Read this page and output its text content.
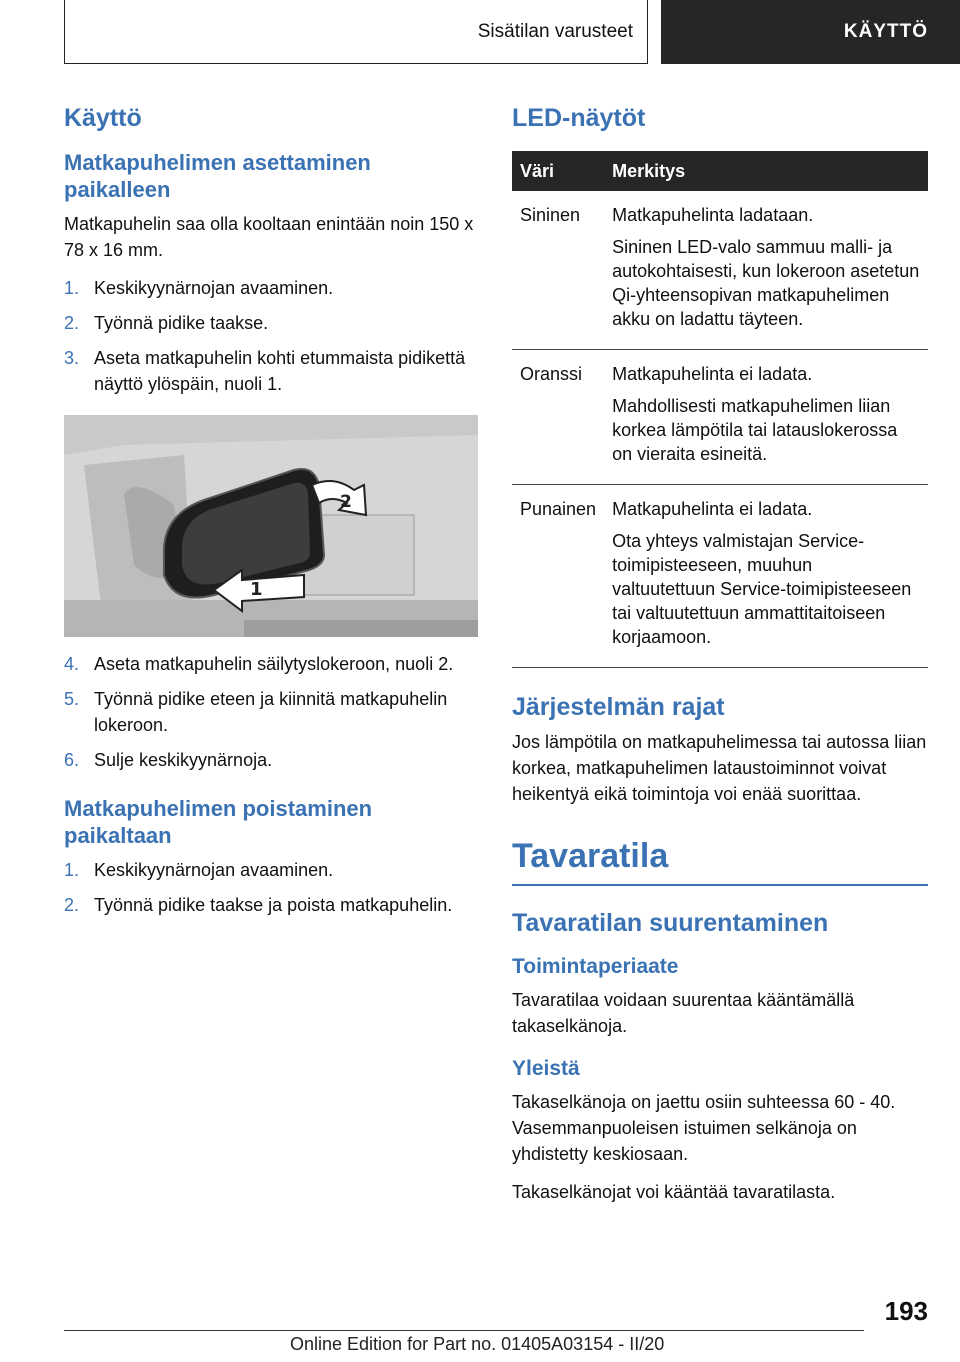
Sisätilan varusteet	KÄYTTÖ
Käyttö
Matkapuhelimen asettaminen paikalleen

Matkapuhelin saa olla kooltaan enintään noin 150 x 78 x 16 mm.

1. Keskikyynärnojan avaaminen.
2. Työnnä pidike taakse.
3. Aseta matkapuhelin kohti etummaista pidikettä näyttö ylöspäin, nuoli 1.
1
2
4. Aseta matkapuhelin säilytyslokeroon, nuoli 2.
5. Työnnä pidike eteen ja kiinnitä matkapuhelin lokeroon.
6. Sulje keskikyynärnoja.
Matkapuhelimen poistaminen paikaltaan
1. Keskikyynärnojan avaaminen.
2. Työnnä pidike taakse ja poista matkapuhelin.
LED-näytöt
Väri	Merkitys
Sininen	Matkapuhelinta ladataan.

Sininen LED-valo sammuu malli- ja autokohtaisesti, kun lokeroon asetetun Qi-yhteensopivan matkapuhelimen akku on ladattu täyteen.

Oranssi	Matkapuhelinta ei ladata.

Mahdollisesti matkapuhelimen liian korkea lämpötila tai latauslokerossa on vieraita esineitä.

Punainen	Matkapuhelinta ei ladata.

Ota yhteys valmistajan Service-toimipisteeseen, muuhun valtuutettuun Service-toimipisteeseen tai valtuutettuun ammattitaitoiseen korjaamoon.

Järjestelmän rajat

Jos lämpötila on matkapuhelimessa tai autossa liian korkea, matkapuhelimen lataustoiminnot voivat heikentyä eikä toimintoja voi enää suorittaa.

Tavaratila
Tavaratilan suurentaminen
Toimintaperiaate

Tavaratilaa voidaan suurentaa kääntämällä takaselkänoja.

Yleistä

Takaselkänoja on jaettu osiin suhteessa 60 - 40. Vasemmanpuoleisen istuimen selkänoja on yhdistetty keskiosaan.

Takaselkänojat voi kääntää tavaratilasta.

193
Online Edition for Part no. 01405A03154 - II/20
